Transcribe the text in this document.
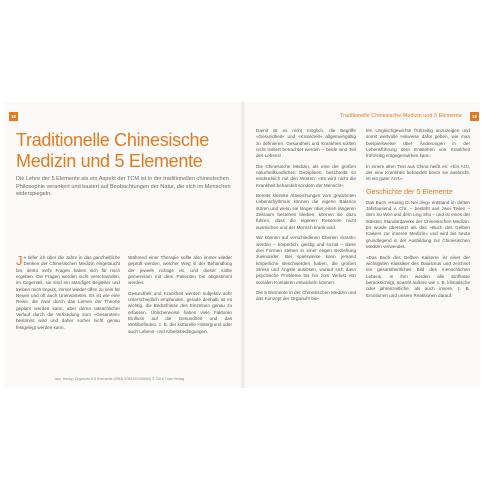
18
Traditionelle Chinesische
Medizin und 5 Elemente
Die Lehre der 5 Elemente als ein Aspekt der TCM ist in der traditionellen chinesischen Philosophie verankert und basiert auf Beobachtungen der Natur, die sich im Menschen widerspiegeln.

Je tiefer ich über die Jahre in das ganzheitliche Denken der Chinesischen Medizin eingetaucht bin, desto mehr Fragen haben sich für mich ergeben. Die Fragen werden nicht verschwinden, im Gegenteil, sie sind ein ständiger Begleiter und treiben mich Impuls, immer wieder offen zu sein für Neues und oft auch Unerwartetes. Es ist wie eine Reise, die zwar durch das Lernen der Theorie geplant werden kann, aber deren tatsächlicher Verlauf durch die Verbindung zum »Gesamten« bestimmt wird und daher vorher nicht genau festgelegt werden kann.

Während einer Therapie sollte also immer wieder geprüft werden, welcher Weg in der Behandlung der jeweils richtige ist, und dieser sollte gemeinsam mit dem Patienten bis abgestimmt werden.

Gesundheit und Krankheit werden subjektiv sehr unterschiedlich empfunden, gerade deshalb ist es wichtig, die Bedürfnisse des Einzelnen genau zu erfassen. Üblicherweise haben viele Faktoren Einfluss auf die Gesundheit und das Wohlbefinden, z. B. der kulturelle Hintergrund oder auch Lebens- und Arbeitsbedingungen.

aus: Heuky, Organuhr & 5 Elemente (ISBN 9783432106060) © 2016 Trias Verlag
Traditionelle Chinesische Medizin und 5 Elemente	19

Damit ist es nicht möglich, die Begriffe »Gesundheit« und »Krankheit« allgemeingültig zu definieren. Gesundheit und Krankheit sollten nicht isoliert betrachtet werden – beide sind Teil des Lebens!

Die Chinesische Medizin, als eine der großen naturheilkundlichen Disziplinen, beschreibt so eindrücklich mit den Worten: »Es wird nicht die Krankheit behandelt sondern der Mensch!«

Bereits kleinste Abweichungen vom gewohnten Lebensrhythmus können die eigene Balance stören und wenn sie länger über einen längeren Zeitraum bestehen bleiben, können sie dazu führen, dass die eigenen Reserven nicht ausreichen und der Mensch krank wird.

Wir können auf verschiedenen Ebenen »krank« werden – körperlich, geistig und sozial – diese drei Formen stehen in einer engen Beziehung zueinander. Bei spielsweise kann jemand körperliche Beschwerden haben, die großen Stress und Ängste auslösen, worauf sich dann psychische Probleme bis hin zum Verlust von sozialen Kontakten entwickeln können.

Die 5 Elemente in der Chinesischen Medizin und das Konzept der Organuhr bie-

ten Ungleichgewichte frühzeitig anzuzeigen und somit wertvolle Hinweise dafür geben, wie man beispielsweise über Änderungen in der Lebensführung dem Entstehen von Krankheit frühzeitig entgegenwirken kann.

In einem alten Text aus China heißt es: »Ein Arzt, der eine Krankheit behandelt bevor sie ausbricht, ist ein guter Arzt.«

Geschichte der 5 Elemente

Das Buch »Huang Di Nei Jing« entstand im dritten Jahrtausend v. Chr. – besteht aus zwei Teilen – dem Su Wen und dem Ling Shu – und ist eines der ältesten Standardwerke der Chinesischen Medizin. Es wurde übersetzt als das »Buch des Gelben Kaisers zur inneren Medizin« und wird bis heute grundlegend in der Ausbildung zur Chinesischen Medizin verwendet.

»Das Buch des Gelben Kaisers« ist einer der wichtigsten Klassiker des Daoismus und zeichnet ein gesamtheitliches Bild des menschlichen Lebens. In ihm werden alle Einflüsse berücksichtigt, sowohl äußere wie z. B. klimatische oder jahreszeitliche, als auch innere, z. B. Emotionen und unsere Reaktionen darauf.
